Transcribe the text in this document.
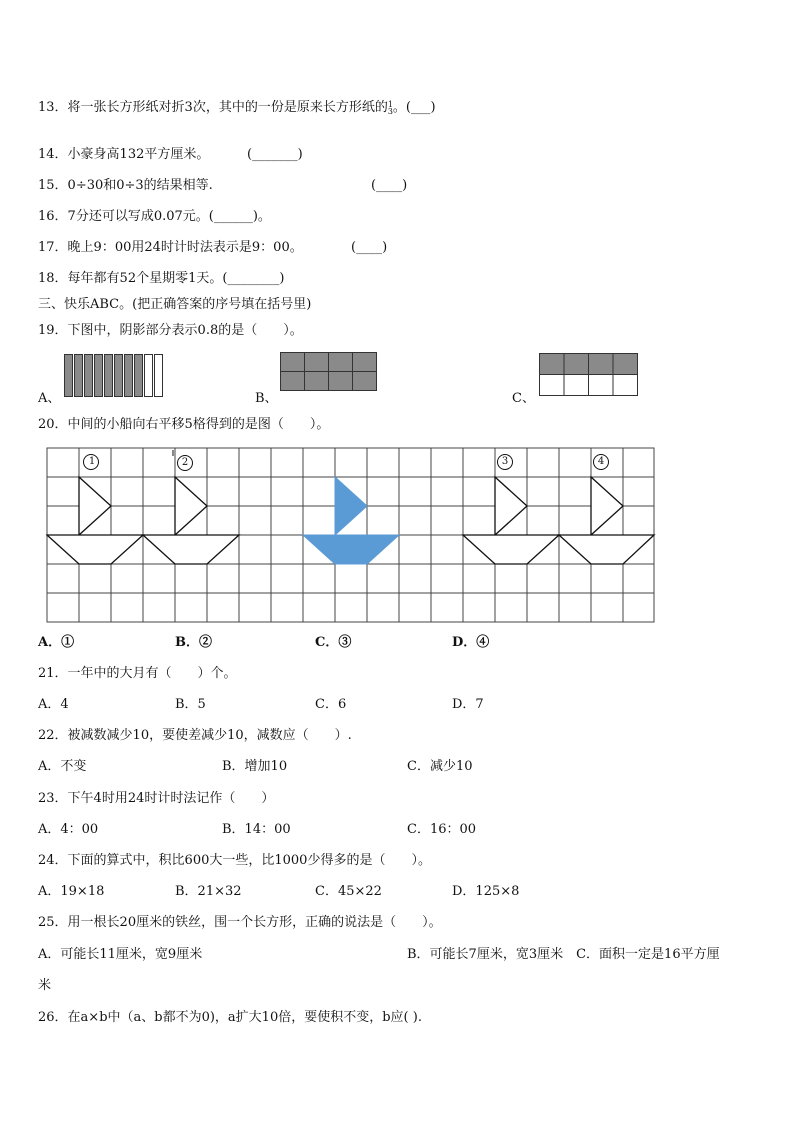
13．将一张长方形纸对折3次，其中的一份是原来长方形纸的 1
3 。(___)
14．小豪身高132平方厘米。	(_______)
15．0÷30和0÷3的结果相等.	(____)
16．7分还可以写成0.07元。(______)。
17．晚上9：00用24时计时法表示是9：00。	(____)
18．每年都有52个星期零1天。(________)
三、快乐ABC。(把正确答案的序号填在括号里)
19．下图中，阴影部分表示0.8的是（　　）。
A、	B、	C、
20．中间的小船向右平移5格得到的是图（　　）。
1	2	3	4
A．①	B．②	C．③	D．④
21．一年中的大月有（　　）个。
A．4	B．5	C．6	D．7
22．被减数减少10，要使差减少10，减数应（　　）.
A．不变	B．增加10	C．减少10
23．下午4时用24时计时法记作（　　）
A．4：00	B．14：00	C．16：00
24．下面的算式中，积比600大一些，比1000少得多的是（　　）。
A．19×18	B．21×32	C．45×22	D．125×8
25．用一根长20厘米的铁丝，围一个长方形，正确的说法是（　　）。
A．可能长11厘米，宽9厘米	B．可能长7厘米，宽3厘米　C．面积一定是16平方厘
米
26．在a×b中（a、b都不为0)，a扩大10倍，要使积不变，b应( ).
